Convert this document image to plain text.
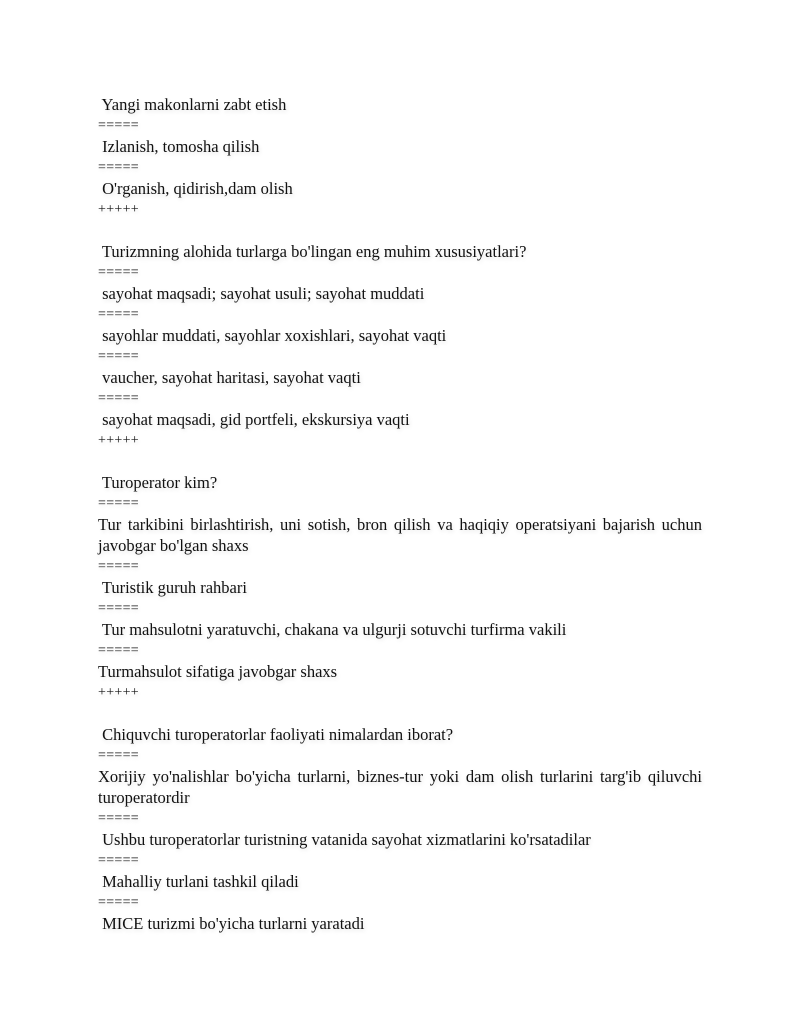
Yangi makonlarni zabt etish
=====
Izlanish, tomosha qilish
=====
O'rganish, qidirish,dam olish
+++++
Turizmning alohida turlarga bo'lingan eng muhim xususiyatlari?
=====
sayohat maqsadi; sayohat usuli; sayohat muddati
=====
sayohlar muddati, sayohlar xoxishlari, sayohat vaqti
=====
vaucher, sayohat haritasi, sayohat vaqti
=====
sayohat maqsadi, gid portfeli, ekskursiya vaqti
+++++
Turoperator kim?
=====
Tur tarkibini birlashtirish, uni sotish, bron qilish va haqiqiy operatsiyani bajarish uchun javobgar bo'lgan shaxs
=====
Turistik guruh rahbari
=====
Tur mahsulotni yaratuvchi, chakana va ulgurji sotuvchi turfirma vakili
=====
Turmahsulot sifatiga javobgar shaxs
+++++
Chiquvchi turoperatorlar faoliyati nimalardan iborat?
=====
Xorijiy yo'nalishlar bo'yicha turlarni, biznes-tur yoki dam olish turlarini targ'ib qiluvchi turoperatordir
=====
Ushbu turoperatorlar turistning vatanida sayohat xizmatlarini ko'rsatadilar
=====
Mahalliy turlani tashkil qiladi
=====
MICE turizmi bo'yicha turlarni yaratadi
